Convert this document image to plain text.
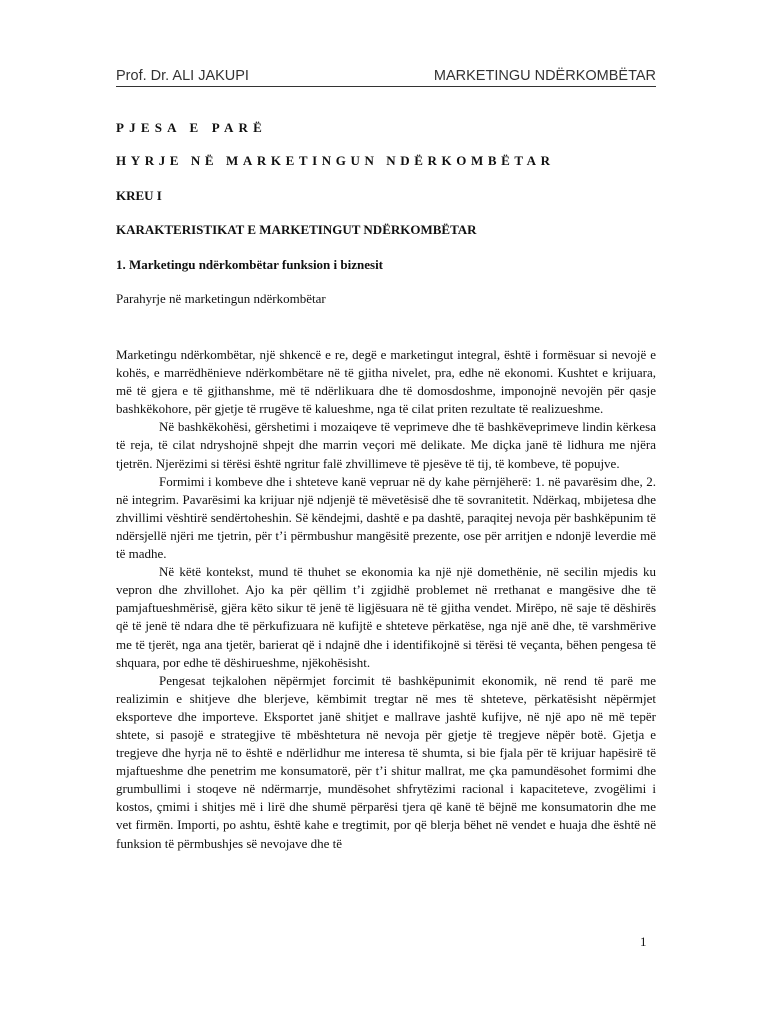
Prof. Dr. ALI JAKUPI	MARKETINGU NDËRKOMBËTAR
PJESA E PARË
HYRJE NË MARKETINGUN NDËRKOMBËTAR
KREU I
KARAKTERISTIKAT E MARKETINGUT NDËRKOMBËTAR
1. Marketingu ndërkombëtar funksion i biznesit

Parahyrje në marketingun ndërkombëtar

Marketingu ndërkombëtar, një shkencë e re, degë e marketingut integral, është i formësuar si nevojë e kohës, e marrëdhënieve ndërkombëtare në të gjitha nivelet, pra, edhe në ekonomi. Kushtet e krijuara, më të gjera e të gjithanshme, më të ndërlikuara dhe të domosdoshme, imponojnë nevojën për qasje bashkëkohore, për gjetje të rrugëve të kalueshme, nga të cilat priten rezultate të realizueshme.

Në bashkëkohësi, gërshetimi i mozaiqeve të veprimeve dhe të bashkëveprimeve lindin kërkesa të reja, të cilat ndryshojnë shpejt dhe marrin veçori më delikate. Me diçka janë të lidhura me njëra tjetrën. Njerëzimi si tërësi është ngritur falë zhvillimeve të pjesëve të tij, të kombeve, të popujve.

Formimi i kombeve dhe i shteteve kanë vepruar në dy kahe përnjëherë: 1. në pavarësim dhe, 2. në integrim. Pavarësimi ka krijuar një ndjenjë të mëvetësisë dhe të sovranitetit. Ndërkaq, mbijetesa dhe zhvillimi vështirë sendërtoheshin. Së këndejmi, dashtë e pa dashtë, paraqitej nevoja për bashkëpunim të ndërsjellë njëri me tjetrin, për t’i përmbushur mangësitë prezente, ose për arritjen e ndonjë leverdie më të madhe.

Në këtë kontekst, mund të thuhet se ekonomia ka një një domethënie, në secilin mjedis ku vepron dhe zhvillohet. Ajo ka për qëllim t’i zgjidhë problemet në rrethanat e mangësive dhe të pamjaftueshmërisë, gjëra këto sikur të jenë të ligjësuara në të gjitha vendet. Mirëpo, në saje të dëshirës që të jenë të ndara dhe të përkufizuara në kufijtë e shteteve përkatëse, nga një anë dhe, të varshmërive me të tjerët, nga ana tjetër, barierat që i ndajnë dhe i identifikojnë si tërësi të veçanta, bëhen pengesa të shquara, por edhe të dëshirueshme, njëkohësisht.

Pengesat tejkalohen nëpërmjet forcimit të bashkëpunimit ekonomik, në rend të parë me realizimin e shitjeve dhe blerjeve, këmbimit tregtar në mes të shteteve, përkatësisht nëpërmjet eksporteve dhe importeve. Eksportet janë shitjet e mallrave jashtë kufijve, në një apo në më tepër shtete, si pasojë e strategjive të mbështetura në nevoja për gjetje të tregjeve nëpër botë. Gjetja e tregjeve dhe hyrja në to është e ndërlidhur me interesa të shumta, si bie fjala për të krijuar hapësirë të mjaftueshme dhe penetrim me konsumatorë, për t’i shitur mallrat, me çka pamundësohet formimi dhe grumbullimi i stoqeve në ndërmarrje, mundësohet shfrytëzimi racional i kapaciteteve, zvogëlimi i kostos, çmimi i shitjes më i lirë dhe shumë përparësi tjera që kanë të bëjnë me konsumatorin dhe me vet firmën. Importi, po ashtu, është kahe e tregtimit, por që blerja bëhet në vendet e huaja dhe është në funksion të përmbushjes së nevojave dhe të

1
